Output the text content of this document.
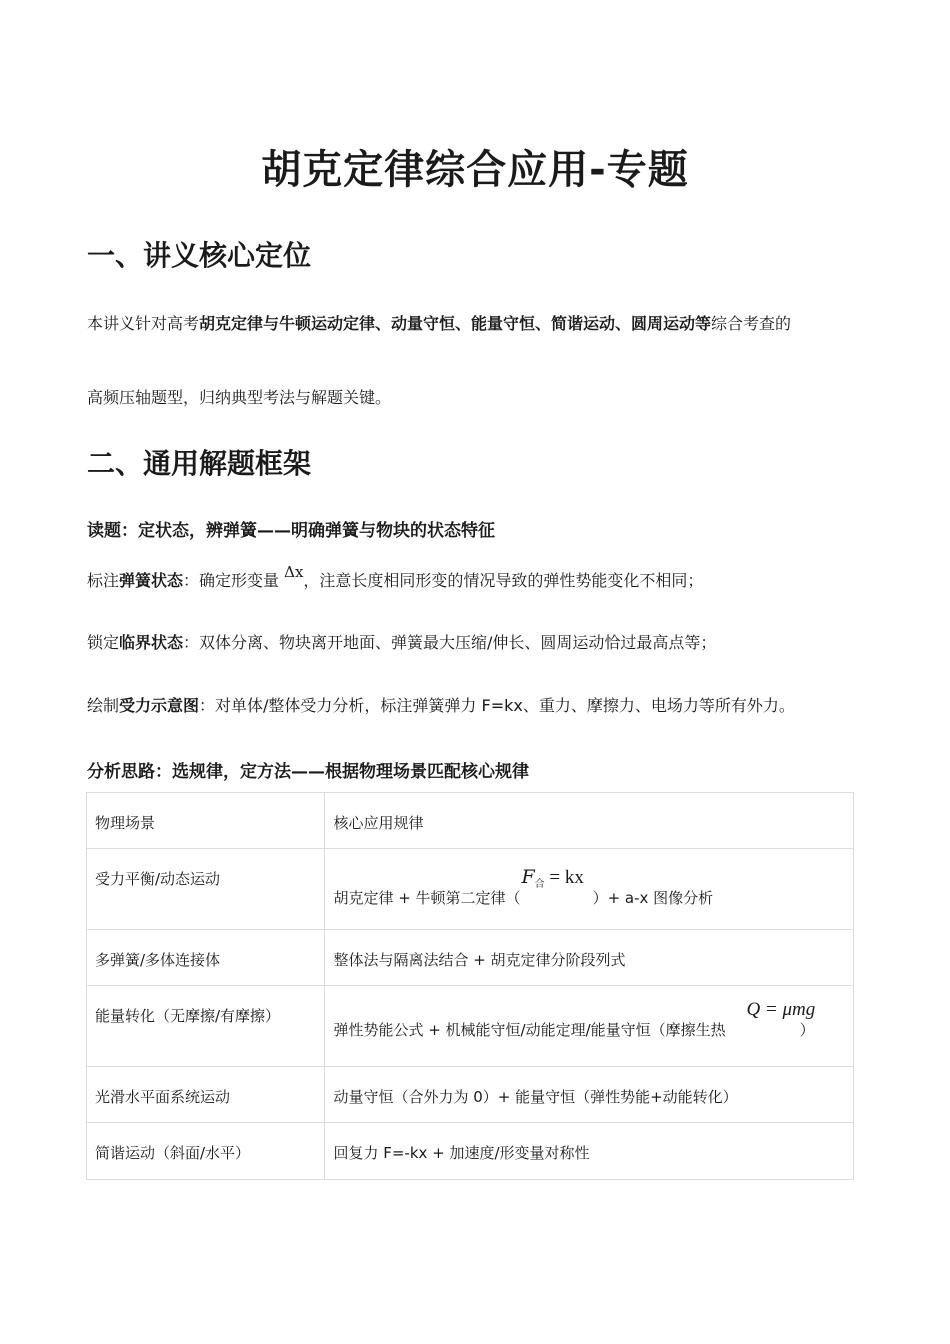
胡克定律综合应用-专题
一、讲义核心定位
本讲义针对高考胡克定律与牛顿运动定律、动量守恒、能量守恒、简谐运动、圆周运动等综合考查的
高频压轴题型，归纳典型考法与解题关键。
二、通用解题框架
读题：定状态，辨弹簧——明确弹簧与物块的状态特征
标注弹簧状态：确定形变量 Δx，注意长度相同形变的情况导致的弹性势能变化不相同；
锁定临界状态：双体分离、物块离开地面、弹簧最大压缩/伸长、圆周运动恰过最高点等；
绘制受力示意图：对单体/整体受力分析，标注弹簧弹力 F=kx、重力、摩擦力、电场力等所有外力。
分析思路：选规律，定方法——根据物理场景匹配核心规律
物理场景	核心应用规律

受力平衡/动态运动	胡克定律 + 牛顿第二定律（ ）+ a-x 图像分析
$F_合$ = kx

多弹簧/多体连接体	整体法与隔离法结合 + 胡克定律分阶段列式

能量转化（无摩擦/有摩擦）	弹性势能公式 + 机械能守恒/动能定理/能量守恒（摩擦生热 ）
Q = μmg

光滑水平面系统运动	动量守恒（合外力为 0）+ 能量守恒（弹性势能+动能转化）

简谐运动（斜面/水平）	回复力 F=-kx + 加速度/形变量对称性
